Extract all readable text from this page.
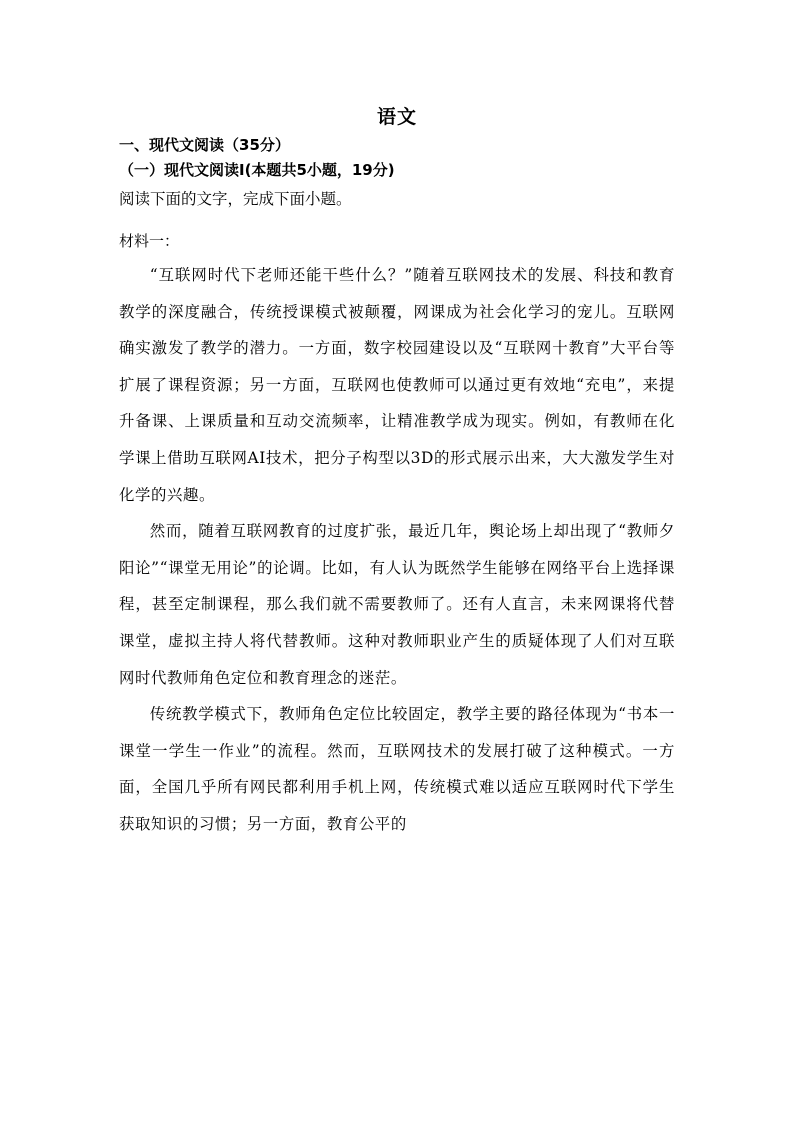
语文
一、现代文阅读（35分）
（一）现代文阅读I(本题共5小题，19分)
阅读下面的文字，完成下面小题。
材料一：

“互联网时代下老师还能干些什么？”随着互联网技术的发展、科技和教育教学的深度融合，传统授课模式被颠覆，网课成为社会化学习的宠儿。互联网确实激发了教学的潜力。一方面，数字校园建设以及“互联网十教育”大平台等扩展了课程资源；另一方面，互联网也使教师可以通过更有效地“充电”，来提升备课、上课质量和互动交流频率，让精准教学成为现实。例如，有教师在化学课上借助互联网AI技术，把分子构型以3D的形式展示出来，大大激发学生对化学的兴趣。

然而，随着互联网教育的过度扩张，最近几年，舆论场上却出现了“教师夕阳论”“课堂无用论”的论调。比如，有人认为既然学生能够在网络平台上选择课程，甚至定制课程，那么我们就不需要教师了。还有人直言，未来网课将代替课堂，虚拟主持人将代替教师。这种对教师职业产生的质疑体现了人们对互联网时代教师角色定位和教育理念的迷茫。

传统教学模式下，教师角色定位比较固定，教学主要的路径体现为“书本一课堂一学生一作业”的流程。然而，互联网技术的发展打破了这种模式。一方面，全国几乎所有网民都利用手机上网，传统模式难以适应互联网时代下学生获取知识的习惯；另一方面，教育公平的
